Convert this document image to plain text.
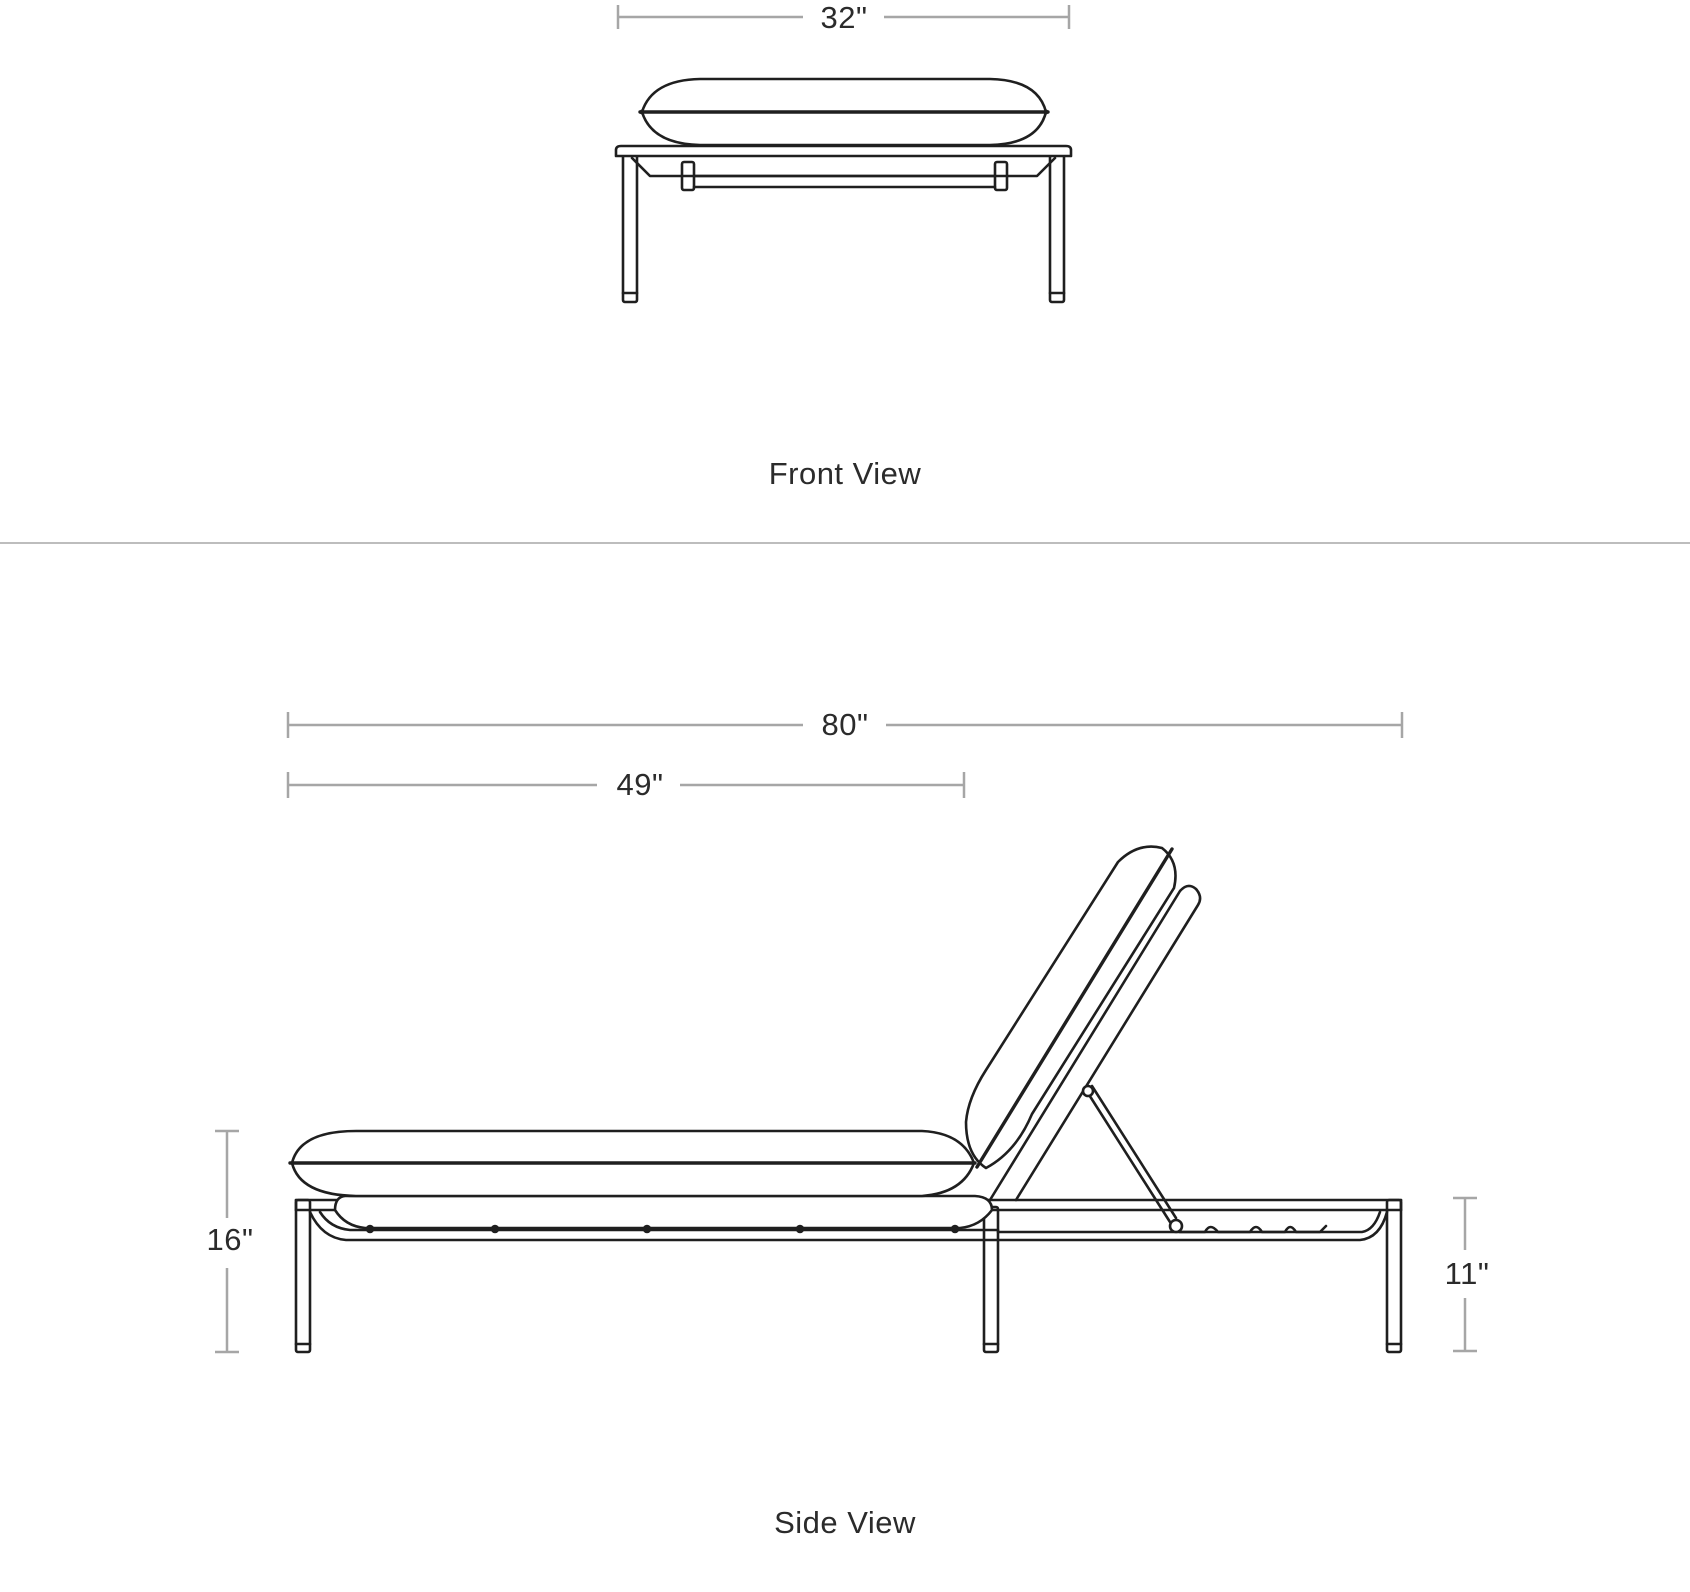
32"
Front View
80"
49"
16"
11"
Side View
